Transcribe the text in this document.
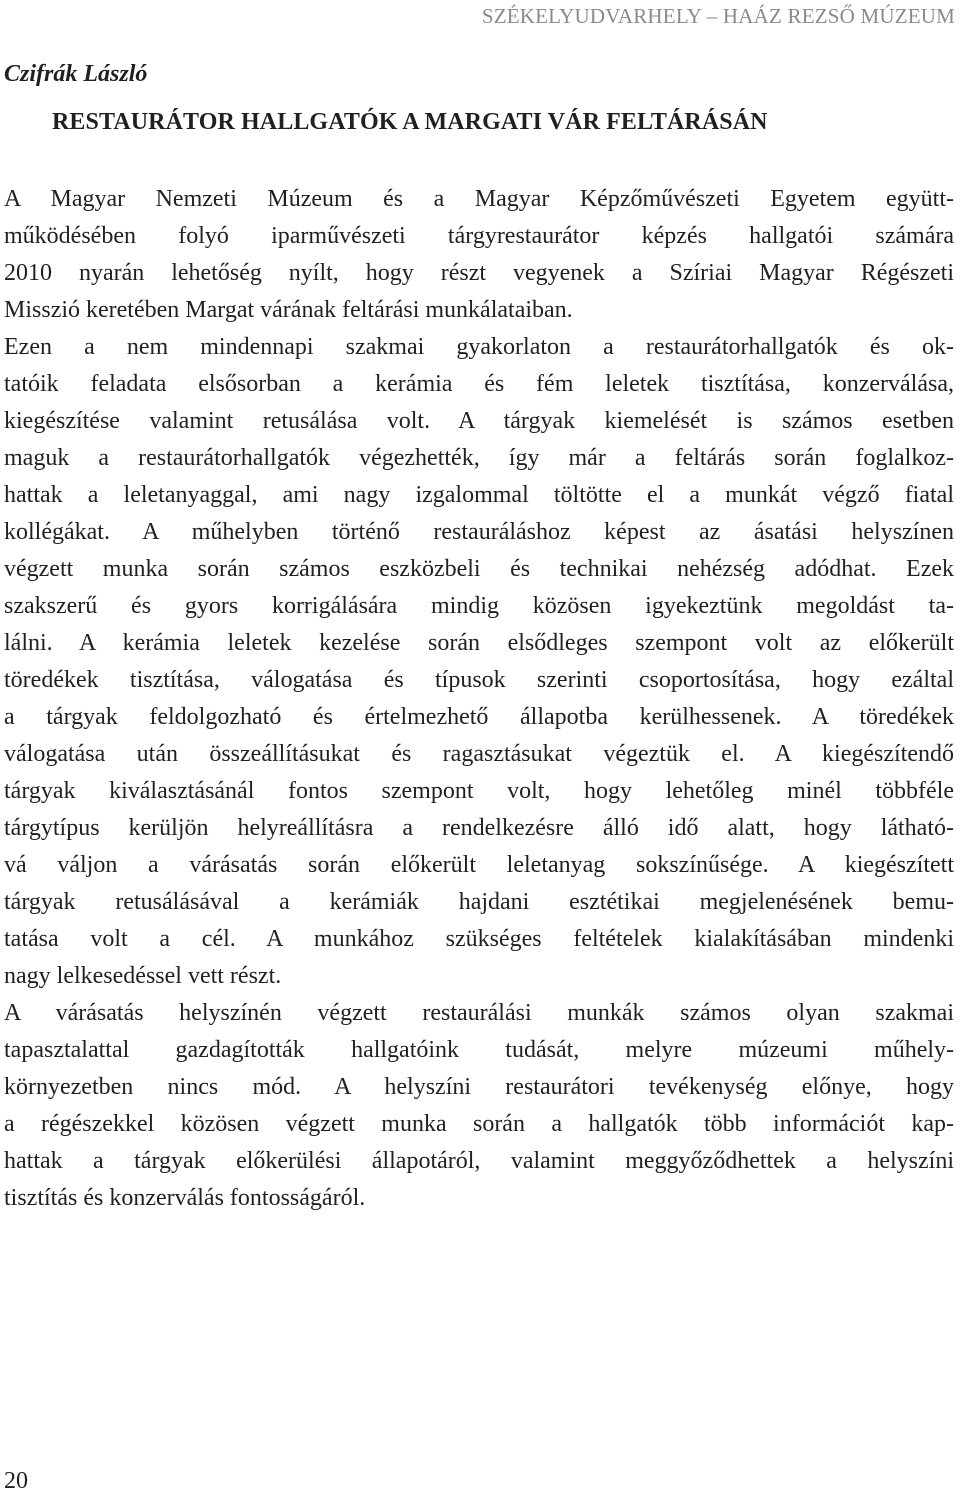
SZÉKELYUDVARHELY – HAÁZ REZSŐ MÚZEUM
Czifrák László
RESTAURÁTOR HALLGATÓK A MARGATI VÁR FELTÁRÁSÁN
A Magyar Nemzeti Múzeum és a Magyar Képzőművészeti Egyetem együtt-
működésében folyó iparművészeti tárgyrestaurátor képzés hallgatói számára
2010 nyarán lehetőség nyílt, hogy részt vegyenek a Szíriai Magyar Régészeti
Misszió keretében Margat várának feltárási munkálataiban.
Ezen a nem mindennapi szakmai gyakorlaton a restaurátorhallgatók és ok-
tatóik feladata elsősorban a kerámia és fém leletek tisztítása, konzerválása,
kiegészítése valamint retusálása volt. A tárgyak kiemelését is számos esetben
maguk a restaurátorhallgatók végezhették, így már a feltárás során foglalkoz-
hattak a leletanyaggal, ami nagy izgalommal töltötte el a munkát végző fiatal
kollégákat. A műhelyben történő restauráláshoz képest az ásatási helyszínen
végzett munka során számos eszközbeli és technikai nehézség adódhat. Ezek
szakszerű és gyors korrigálására mindig közösen igyekeztünk megoldást ta-
lálni. A kerámia leletek kezelése során elsődleges szempont volt az előkerült
töredékek tisztítása, válogatása és típusok szerinti csoportosítása, hogy ezáltal
a tárgyak feldolgozható és értelmezhető állapotba kerülhessenek. A töredékek
válogatása után összeállításukat és ragasztásukat végeztük el. A kiegészítendő
tárgyak kiválasztásánál fontos szempont volt, hogy lehetőleg minél többféle
tárgytípus kerüljön helyreállításra a rendelkezésre álló idő alatt, hogy látható-
vá váljon a várásatás során előkerült leletanyag sokszínűsége. A kiegészített
tárgyak retusálásával a kerámiák hajdani esztétikai megjelenésének bemu-
tatása volt a cél. A munkához szükséges feltételek kialakításában mindenki
nagy lelkesedéssel vett részt.
A várásatás helyszínén végzett restaurálási munkák számos olyan szakmai
tapasztalattal gazdagították hallgatóink tudását, melyre múzeumi műhely-
környezetben nincs mód. A helyszíni restaurátori tevékenység előnye, hogy
a régészekkel közösen végzett munka során a hallgatók több információt kap-
hattak a tárgyak előkerülési állapotáról, valamint meggyőződhettek a helyszíni
tisztítás és konzerválás fontosságáról.
20
